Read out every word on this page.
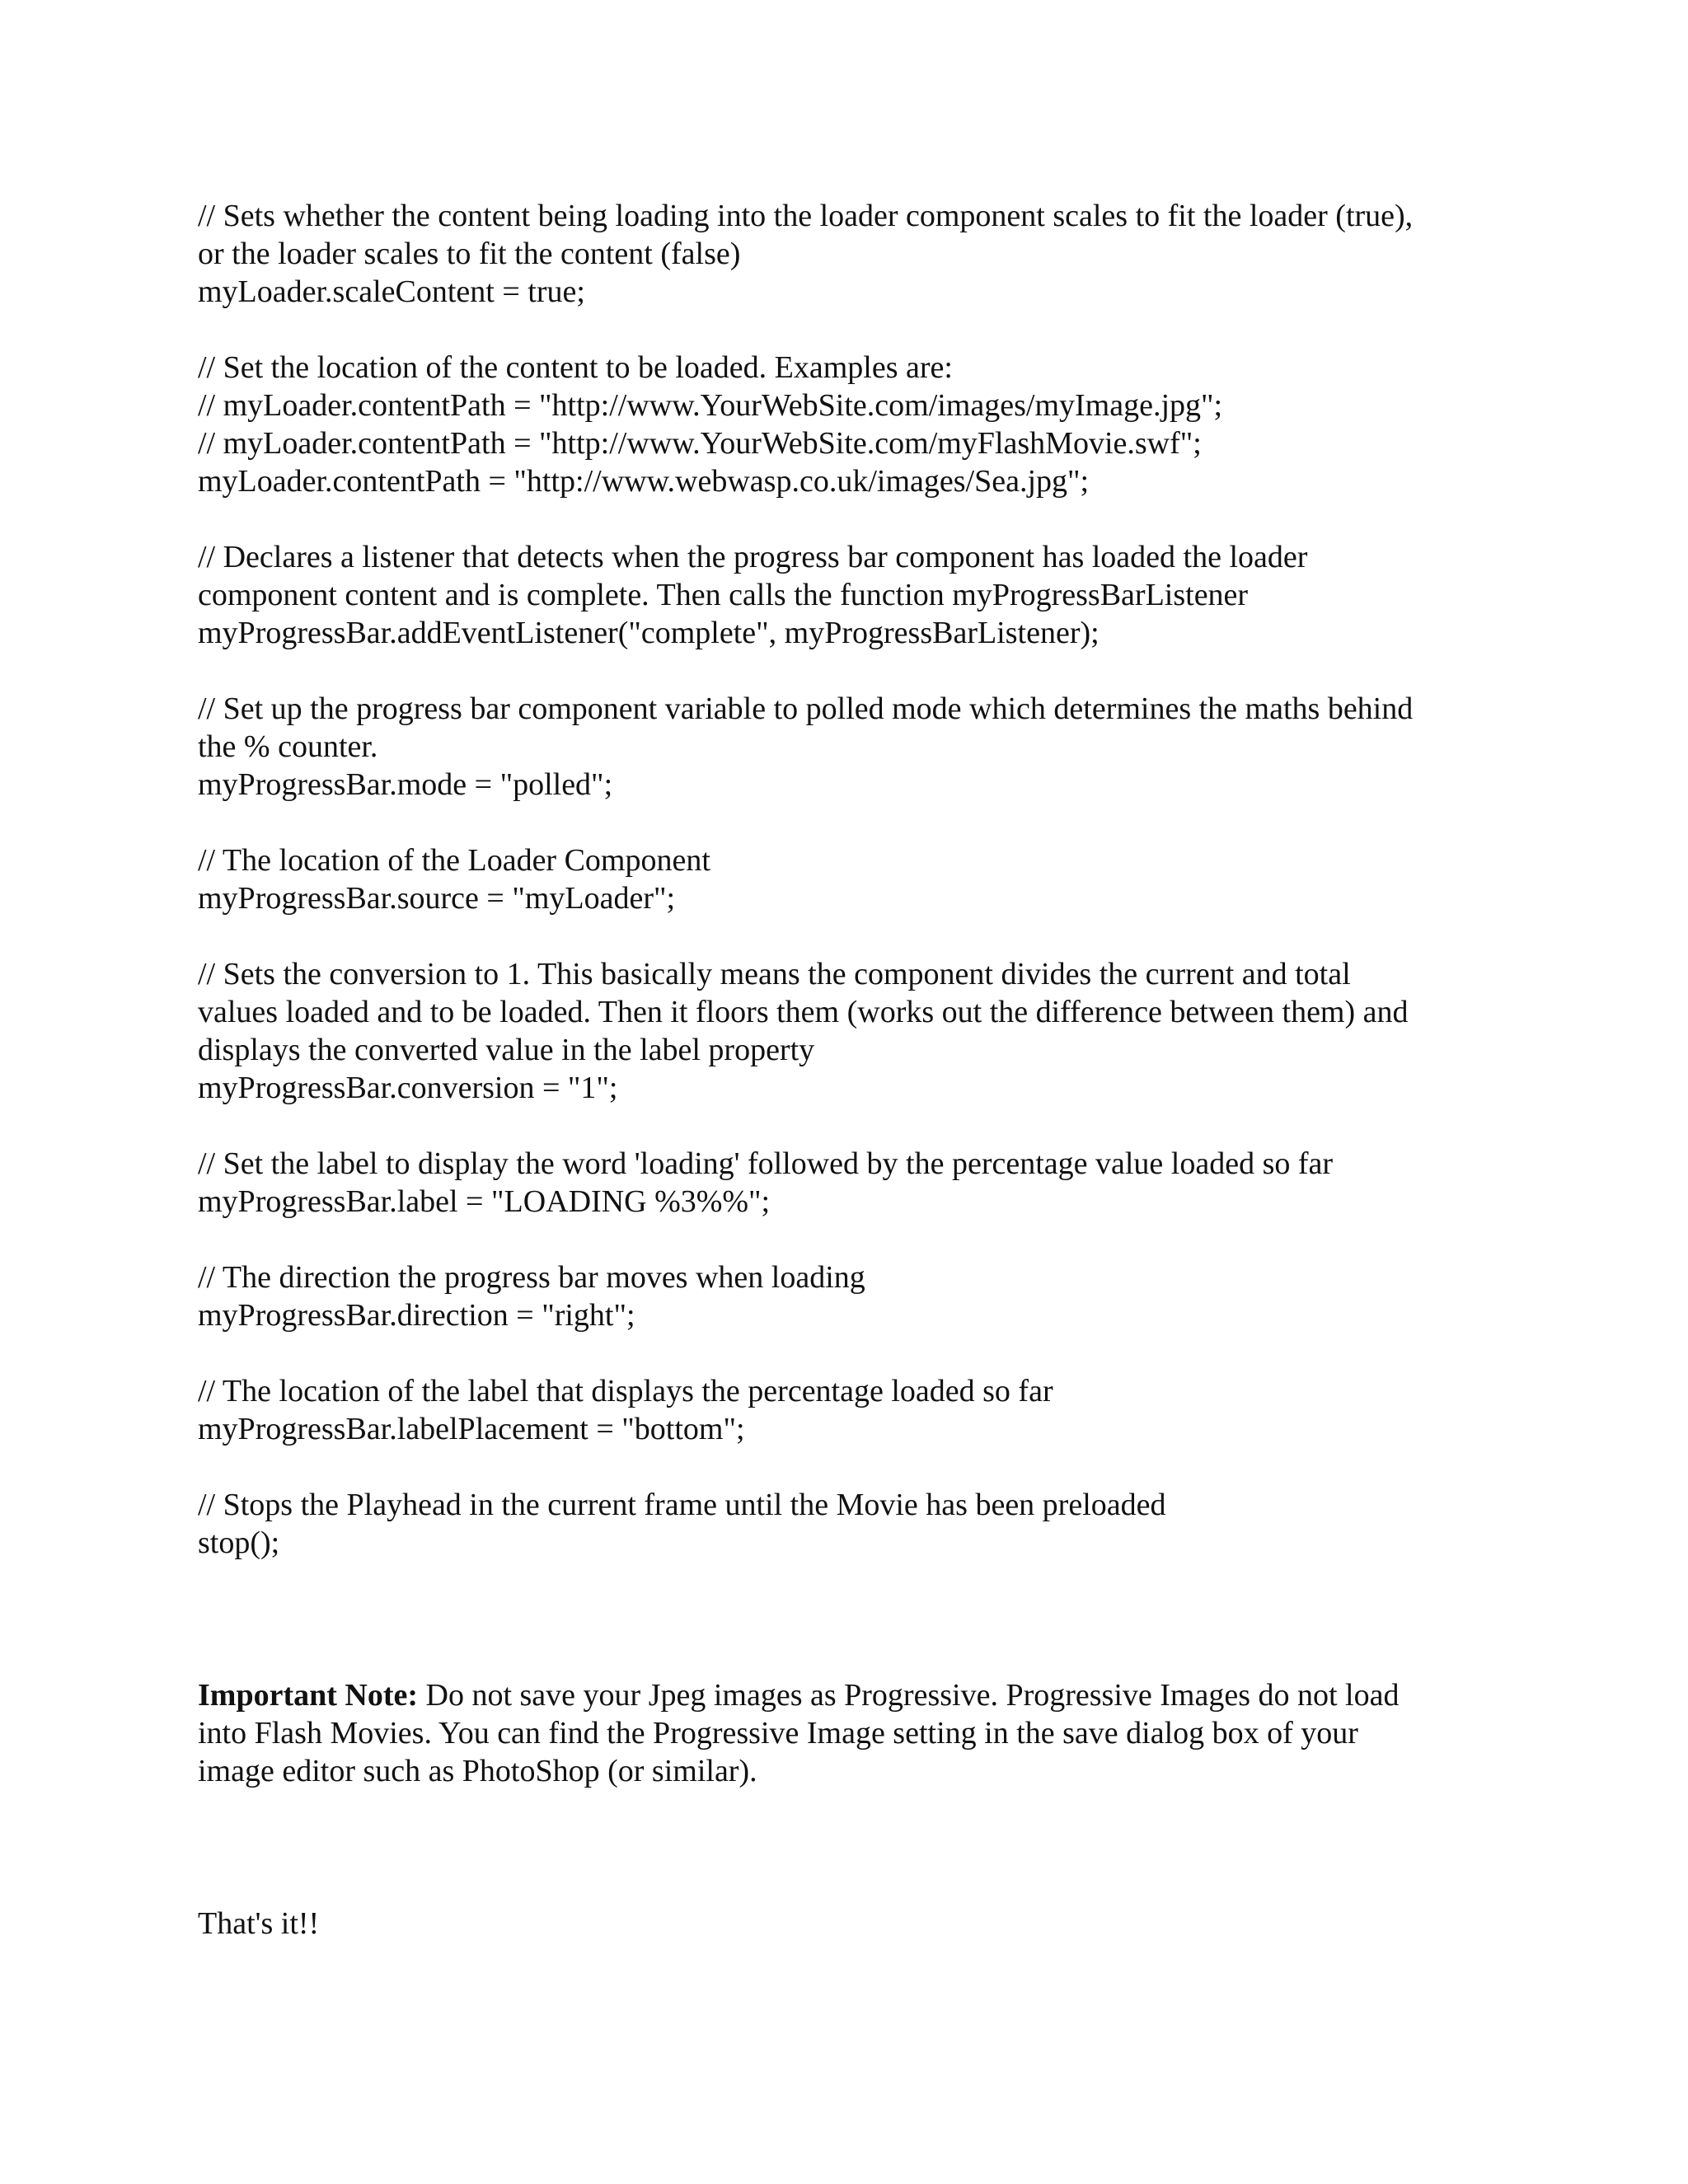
// Sets whether the content being loading into the loader component scales to fit the loader (true),
or the loader scales to fit the content (false)
myLoader.scaleContent = true;
// Set the location of the content to be loaded. Examples are:
// myLoader.contentPath = "http://www.YourWebSite.com/images/myImage.jpg";
// myLoader.contentPath = "http://www.YourWebSite.com/myFlashMovie.swf";
myLoader.contentPath = "http://www.webwasp.co.uk/images/Sea.jpg";
// Declares a listener that detects when the progress bar component has loaded the loader
component content and is complete. Then calls the function myProgressBarListener
myProgressBar.addEventListener("complete", myProgressBarListener);
// Set up the progress bar component variable to polled mode which determines the maths behind
the % counter.
myProgressBar.mode = "polled";
// The location of the Loader Component
myProgressBar.source = "myLoader";
// Sets the conversion to 1. This basically means the component divides the current and total
values loaded and to be loaded. Then it floors them (works out the difference between them) and
displays the converted value in the label property
myProgressBar.conversion = "1";
// Set the label to display the word 'loading' followed by the percentage value loaded so far
myProgressBar.label = "LOADING %3%%";
// The direction the progress bar moves when loading
myProgressBar.direction = "right";
// The location of the label that displays the percentage loaded so far
myProgressBar.labelPlacement = "bottom";
// Stops the Playhead in the current frame until the Movie has been preloaded
stop();
Important Note: Do not save your Jpeg images as Progressive. Progressive Images do not load
into Flash Movies. You can find the Progressive Image setting in the save dialog box of your
image editor such as PhotoShop (or similar).
That's it!!
